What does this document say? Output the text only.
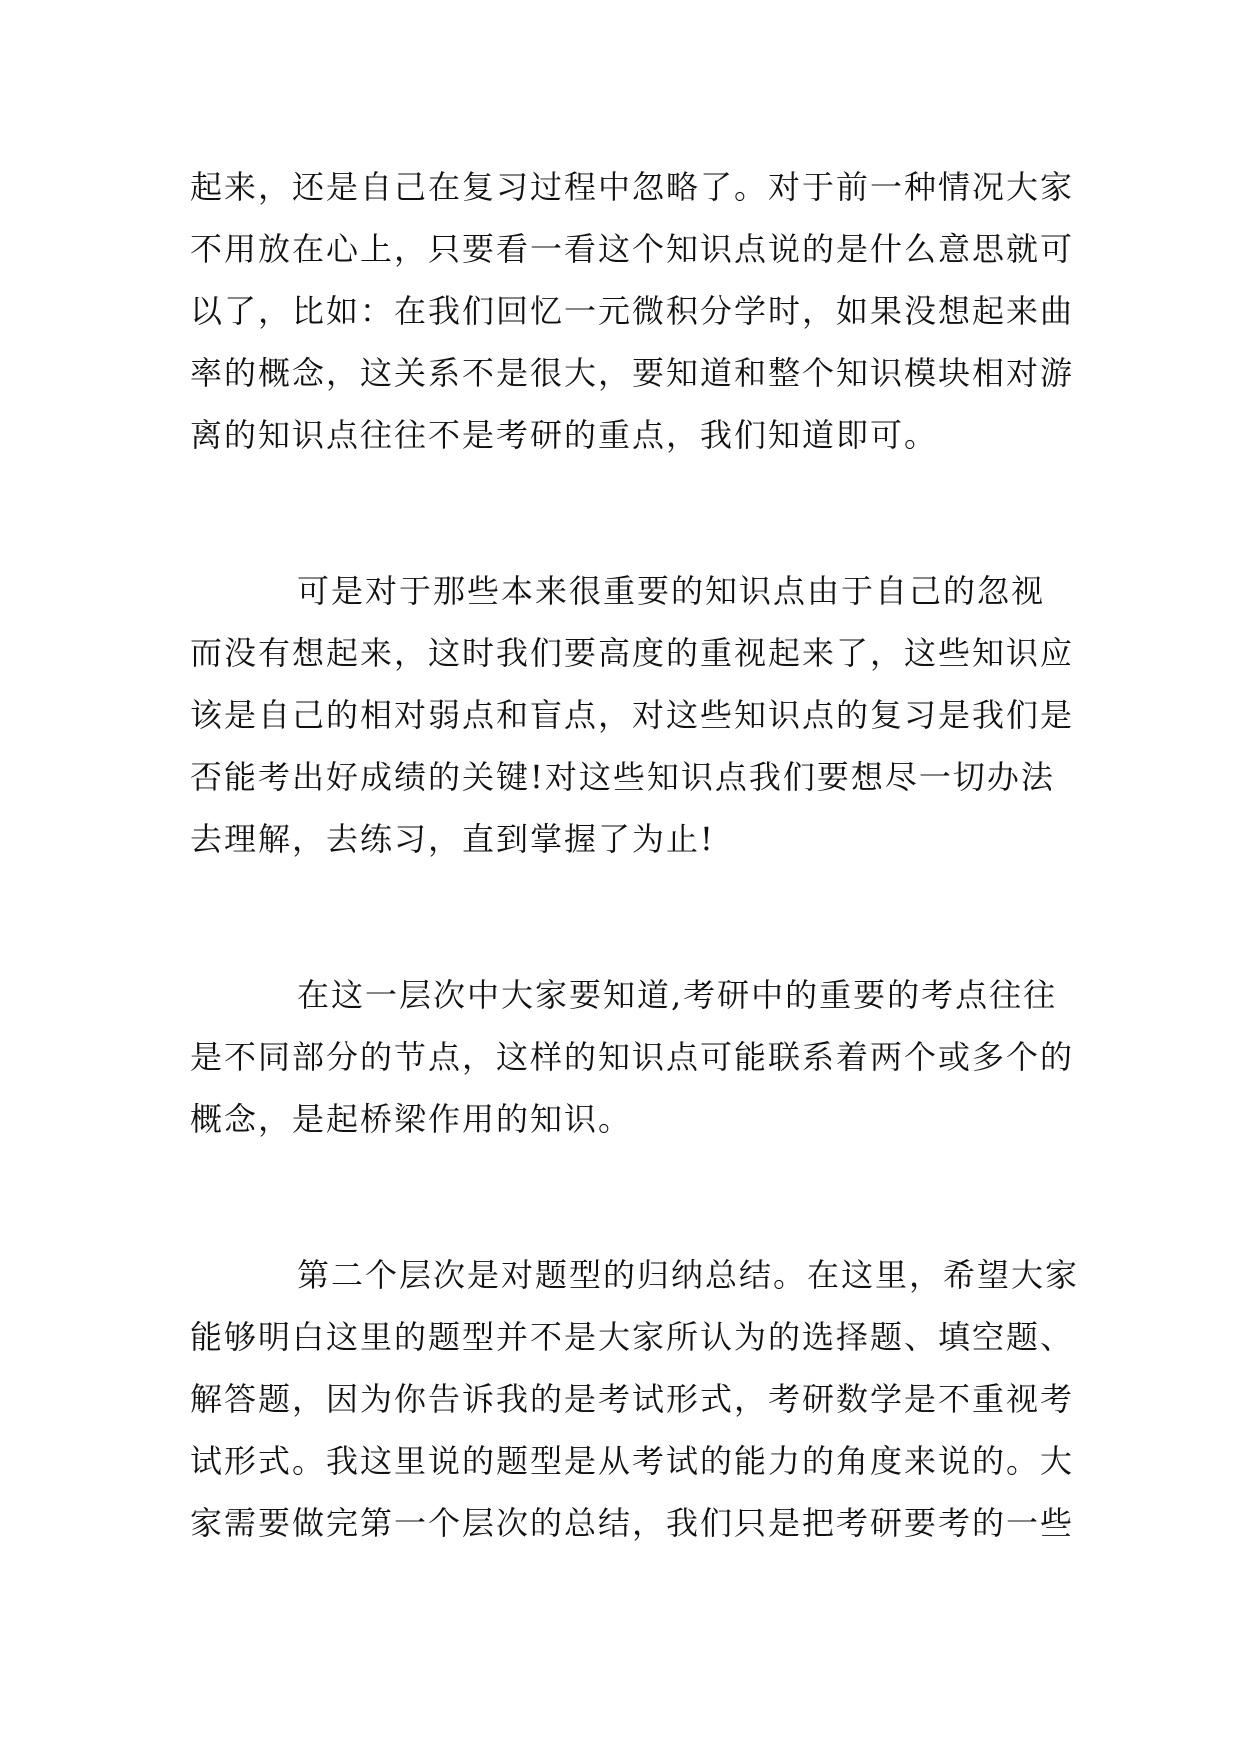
起来，还是自己在复习过程中忽略了。对于前一种情况大家
不用放在心上，只要看一看这个知识点说的是什么意思就可
以了，比如：在我们回忆一元微积分学时，如果没想起来曲
率的概念，这关系不是很大，要知道和整个知识模块相对游
离的知识点往往不是考研的重点，我们知道即可。

可是对于那些本来很重要的知识点由于自己的忽视
而没有想起来，这时我们要高度的重视起来了，这些知识应
该是自己的相对弱点和盲点，对这些知识点的复习是我们是
否能考出好成绩的关键!对这些知识点我们要想尽一切办法
去理解，去练习，直到掌握了为止!

在这一层次中大家要知道,考研中的重要的考点往往
是不同部分的节点，这样的知识点可能联系着两个或多个的
概念，是起桥梁作用的知识。

第二个层次是对题型的归纳总结。在这里，希望大家
能够明白这里的题型并不是大家所认为的选择题、填空题、
解答题，因为你告诉我的是考试形式，考研数学是不重视考
试形式。我这里说的题型是从考试的能力的角度来说的。大
家需要做完第一个层次的总结，我们只是把考研要考的一些
